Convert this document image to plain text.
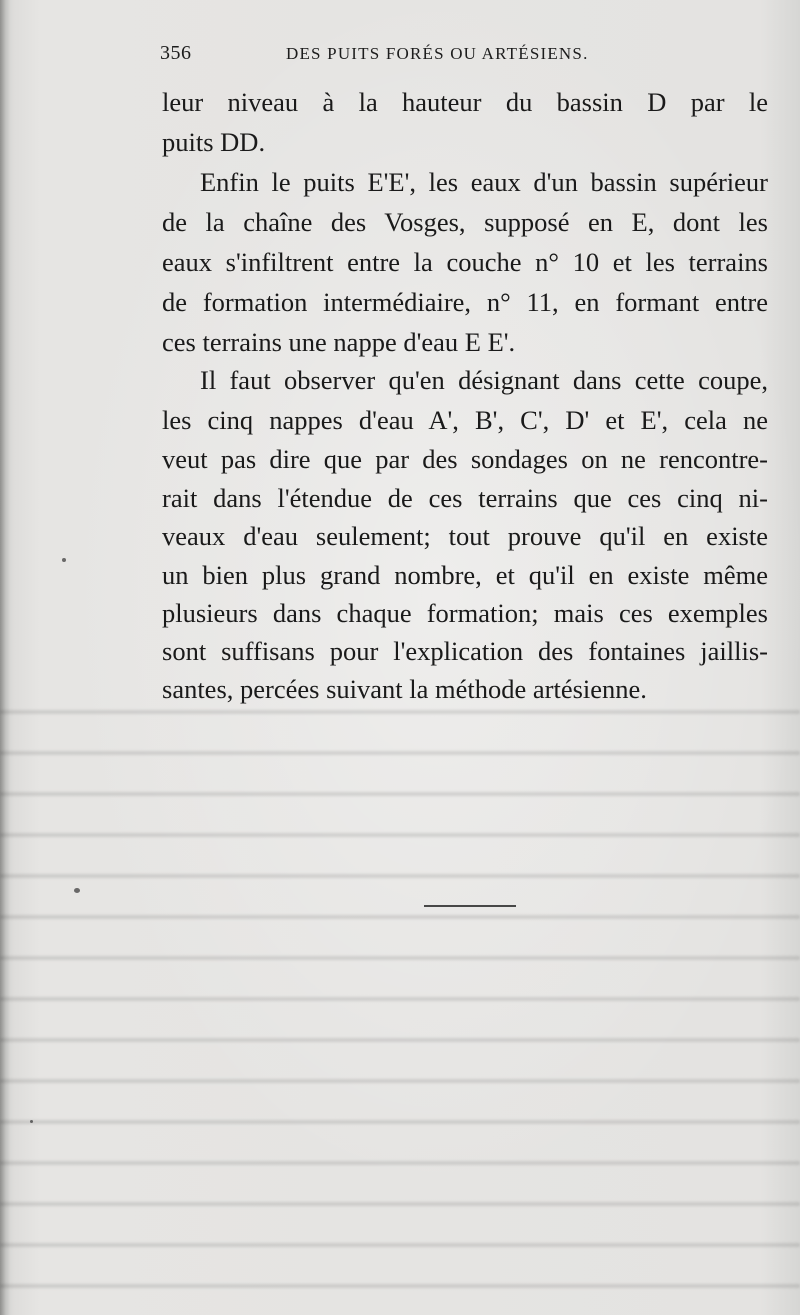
356	DES PUITS FORÉS OU ARTÉSIENS.
leur niveau à la hauteur du bassin D par le
puits DD.
Enfin le puits E'E', les eaux d'un bassin supérieur
de la chaîne des Vosges, supposé en E, dont les
eaux s'infiltrent entre la couche n° 10 et les terrains
de formation intermédiaire, n° 11, en formant entre
ces terrains une nappe d'eau E E'.
Il faut observer qu'en désignant dans cette coupe,
les cinq nappes d'eau A', B', C', D' et E', cela ne
veut pas dire que par des sondages on ne rencontre-
rait dans l'étendue de ces terrains que ces cinq ni-
veaux d'eau seulement; tout prouve qu'il en existe
un bien plus grand nombre, et qu'il en existe même
plusieurs dans chaque formation; mais ces exemples
sont suffisans pour l'explication des fontaines jaillis-
santes, percées suivant la méthode artésienne.
